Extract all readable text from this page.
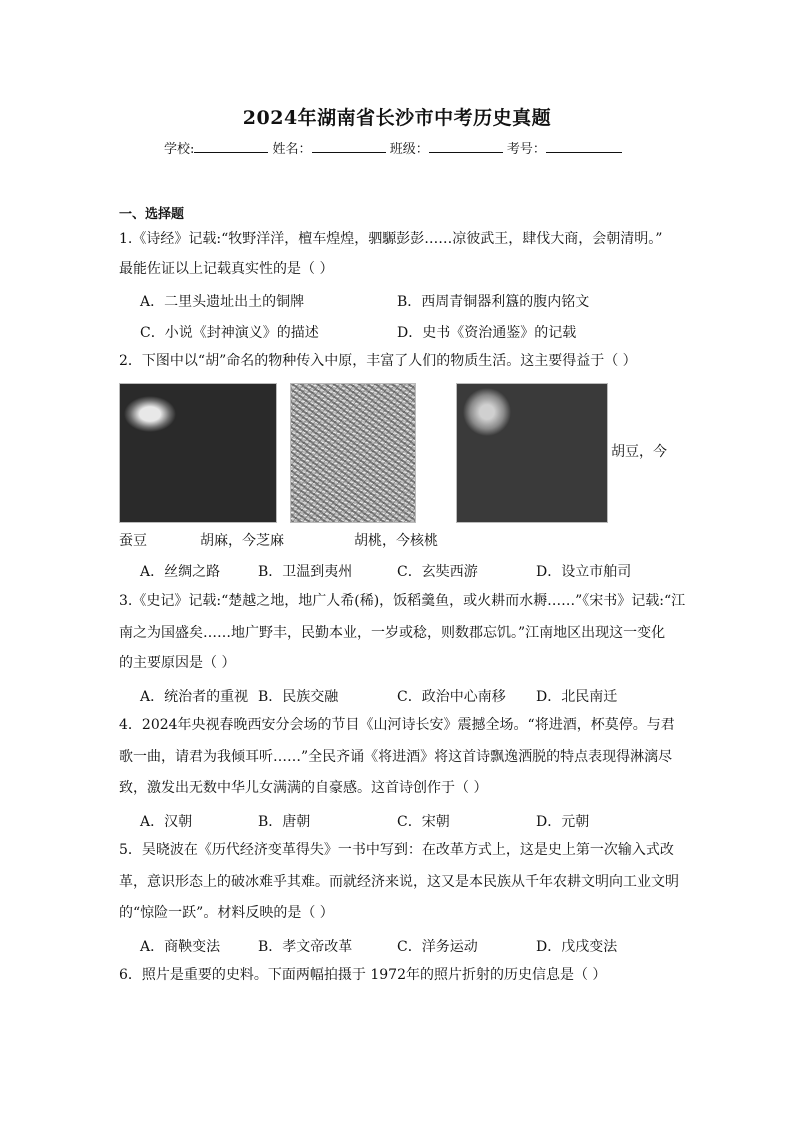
2024年湖南省长沙市中考历史真题
学校:	姓名：	班级：	考号：
一、选择题
1.《诗经》记载:“牧野洋洋，檀车煌煌，驷騵彭彭……凉彼武王，肆伐大商，会朝清明。”
最能佐证以上记载真实性的是（ ）
A．二里头遗址出土的铜牌	B．西周青铜器利簋的腹内铭文
C．小说《封神演义》的描述	D．史书《资治通鉴》的记载
2．下图中以“胡”命名的物种传入中原，丰富了人们的物质生活。这主要得益于（ ）
胡豆，今
蚕豆	胡麻，今芝麻	胡桃，今核桃
A．丝绸之路	B．卫温到夷州	C．玄奘西游	D．设立市舶司
3.《史记》记载:“楚越之地，地广人希(稀)，饭稻羹鱼，或火耕而水耨……”《宋书》记载:“江
南之为国盛矣……地广野丰，民勤本业，一岁或稔，则数郡忘饥。”江南地区出现这一变化
的主要原因是（ ）
A．统治者的重视 B．民族交融	C．政治中心南移 D．北民南迁
4．2024年央视春晚西安分会场的节目《山河诗长安》震撼全场。“将进酒，杯莫停。与君
歌一曲，请君为我倾耳听……”全民齐诵《将进酒》将这首诗飘逸洒脱的特点表现得淋漓尽
致，激发出无数中华儿女满满的自豪感。这首诗创作于（ ）
A．汉朝	B．唐朝	C．宋朝	D．元朝
5．吴晓波在《历代经济变革得失》一书中写到：在改革方式上，这是史上第一次输入式改
革，意识形态上的破冰难乎其难。而就经济来说，这又是本民族从千年农耕文明向工业文明
的“惊险一跃”。材料反映的是（ ）
A．商鞅变法	B．孝文帝改革	C．洋务运动	D．戊戌变法
6．照片是重要的史料。下面两幅拍摄于 1972年的照片折射的历史信息是（ ）
